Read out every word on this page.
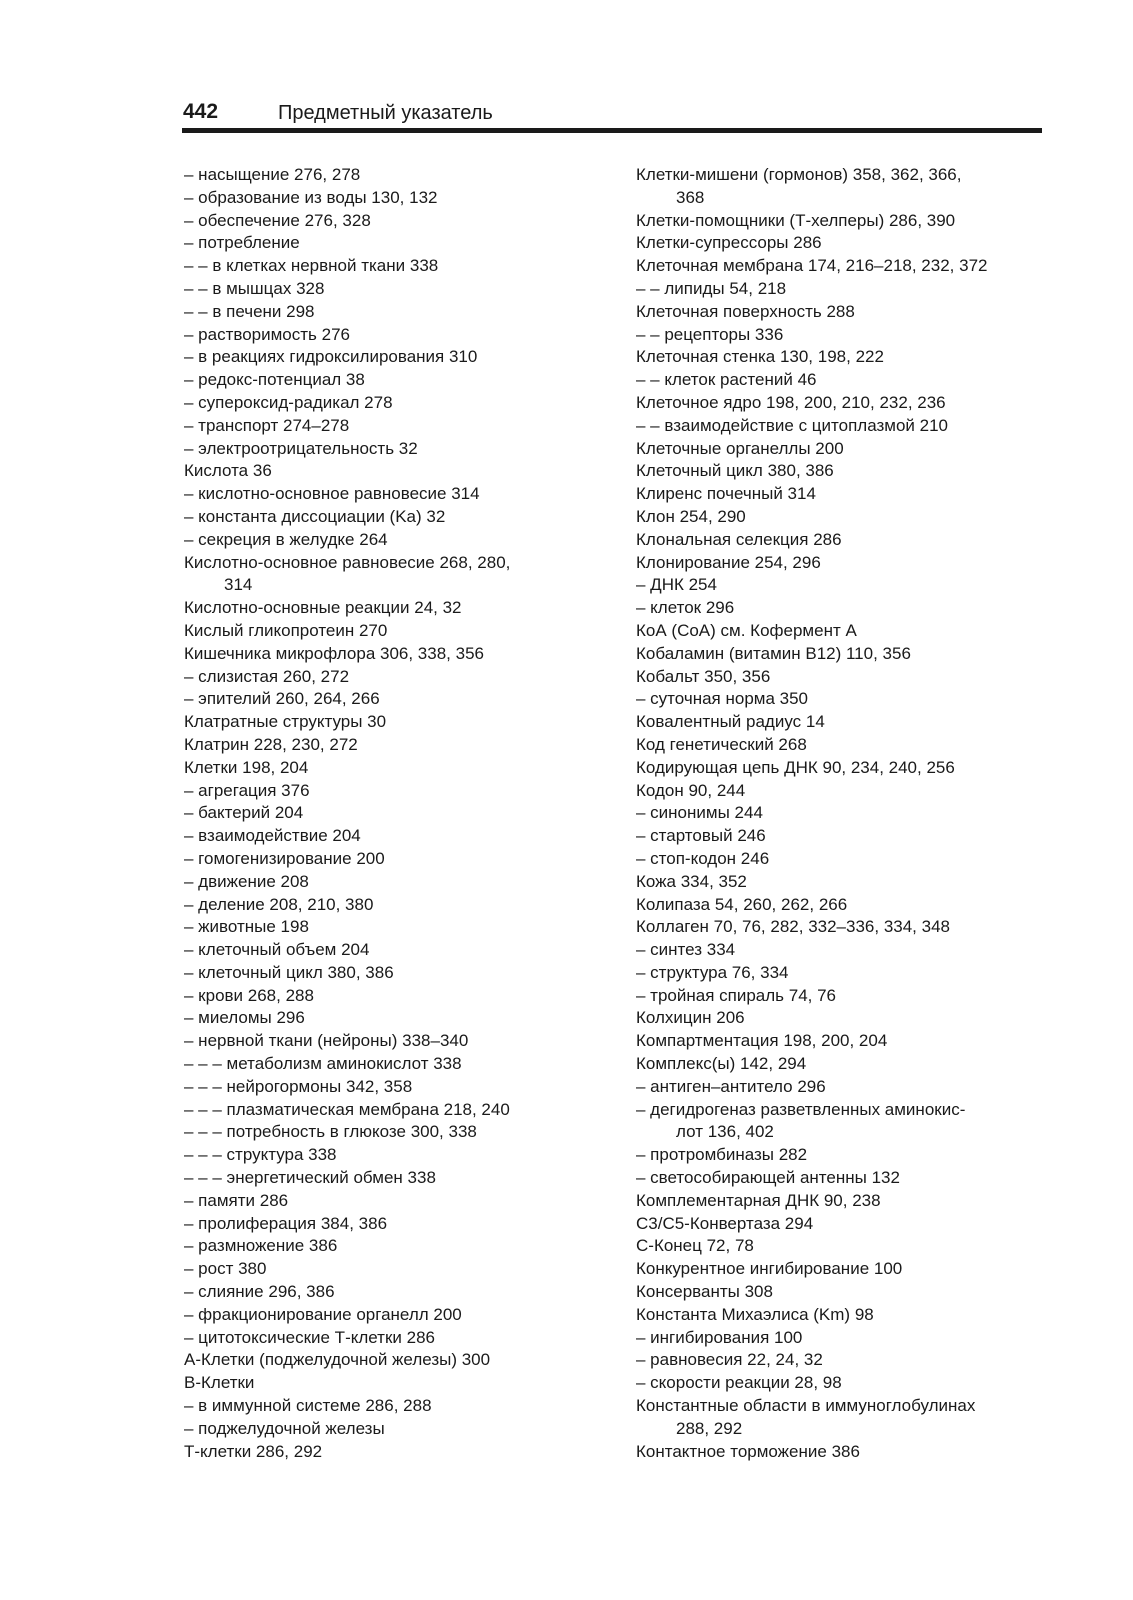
442	Предметный указатель
– насыщение 276, 278
– образование из воды 130, 132
– обеспечение 276, 328
– потребление
– – в клетках нервной ткани 338
– – в мышцах 328
– – в печени 298
– растворимость 276
– в реакциях гидроксилирования 310
– редокс-потенциал 38
– супероксид-радикал 278
– транспорт 274–278
– электроотрицательность 32
Кислота 36
– кислотно-основное равновесие 314
– константа диссоциации (Ka) 32
– секреция в желудке 264
Кислотно-основное равновесие 268, 280,
314
Кислотно-основные реакции 24, 32
Кислый гликопротеин 270
Кишечника микрофлора 306, 338, 356
– слизистая 260, 272
– эпителий 260, 264, 266
Клатратные структуры 30
Клатрин 228, 230, 272
Клетки 198, 204
– агрегация 376
– бактерий 204
– взаимодействие 204
– гомогенизирование 200
– движение 208
– деление 208, 210, 380
– животные 198
– клеточный объем 204
– клеточный цикл 380, 386
– крови 268, 288
– миеломы 296
– нервной ткани (нейроны) 338–340
– – – метаболизм аминокислот 338
– – – нейрогормоны 342, 358
– – – плазматическая мембрана 218, 240
– – – потребность в глюкозе 300, 338
– – – структура 338
– – – энергетический обмен 338
– памяти 286
– пролиферация 384, 386
– размножение 386
– рост 380
– слияние 296, 386
– фракционирование органелл 200
– цитотоксические Т-клетки 286
А-Клетки (поджелудочной железы) 300
В-Клетки
– в иммунной системе 286, 288
– поджелудочной железы
Т-клетки 286, 292
Клетки-мишени (гормонов) 358, 362, 366,
368
Клетки-помощники (Т-хелперы) 286, 390
Клетки-супрессоры 286
Клеточная мембрана 174, 216–218, 232, 372
– – липиды 54, 218
Клеточная поверхность 288
– – рецепторы 336
Клеточная стенка 130, 198, 222
– – клеток растений 46
Клеточное ядро 198, 200, 210, 232, 236
– – взаимодействие с цитоплазмой 210
Клеточные органеллы 200
Клеточный цикл 380, 386
Клиренс почечный 314
Клон 254, 290
Клональная селекция 286
Клонирование 254, 296
– ДНК 254
– клеток 296
КоА (СоА) см. Кофермент А
Кобаламин (витамин B12) 110, 356
Кобальт 350, 356
– суточная норма 350
Ковалентный радиус 14
Код генетический 268
Кодирующая цепь ДНК 90, 234, 240, 256
Кодон 90, 244
– синонимы 244
– стартовый 246
– стоп-кодон 246
Кожа 334, 352
Колипаза 54, 260, 262, 266
Коллаген 70, 76, 282, 332–336, 334, 348
– синтез 334
– структура 76, 334
– тройная спираль 74, 76
Колхицин 206
Компартментация 198, 200, 204
Комплекс(ы) 142, 294
– антиген–антитело 296
– дегидрогеназ разветвленных аминокис-
лот 136, 402
– протромбиназы 282
– светособирающей антенны 132
Комплементарная ДНК 90, 238
С3/С5-Конвертаза 294
С-Конец 72, 78
Конкурентное ингибирование 100
Консерванты 308
Константа Михаэлиса (Km) 98
– ингибирования 100
– равновесия 22, 24, 32
– скорости реакции 28, 98
Константные области в иммуноглобулинах
288, 292
Контактное торможение 386
